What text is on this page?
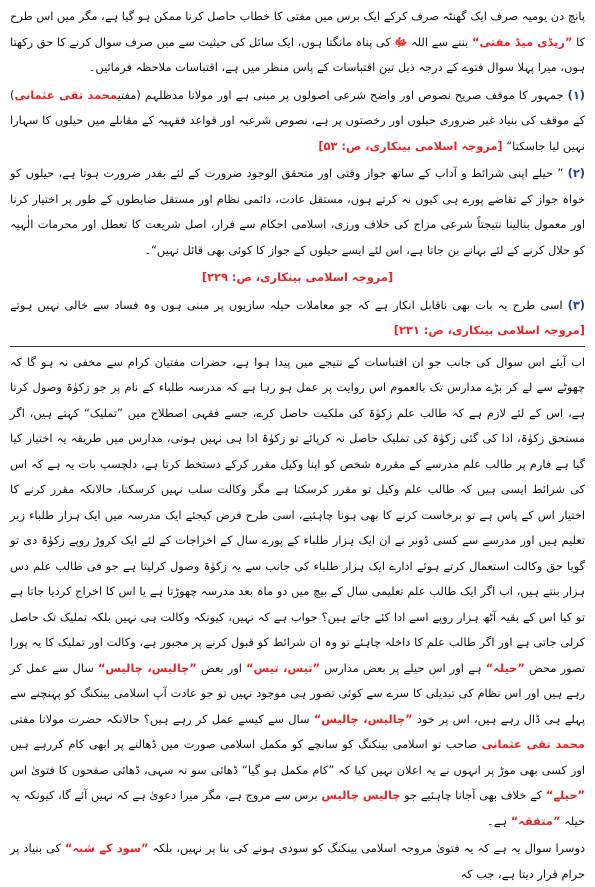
پانچ دن یومیہ صرف ایک گھنٹہ صرف کرکے ایک برس میں مفتی کا خطاب حاصل کرنا ممکن ہو گیا ہے، مگر میں اس طرح کا ”ریڈی میڈ مفتی“ بننے سے اللہ ﷻ کی پناہ مانگتا ہوں، ایک سائل کی حیثیت سے میں صرف سوال کرنے کا حق رکھتا ہوں، میرا پہلا سوال فتوے کے درجہ ذیل تین اقتباسات کے پاس منظر میں ہے، اقتباسات ملاحظہ فرمائیں۔

(۱) جمہور کا موقف صریح نصوص اور واضح شرعی اصولوں پر مبنی ہے اور مولانا مدظلہم (مفتیمحمد تقی عثمانی) کے موقف کی بنیاد غیر ضروری حیلوں اور رخصتوں پر ہے، نصوص شرعیہ اور قواعد فقہیہ کے مقابلے میں حیلوں کا سہارا نہیں لیا جاسکتا“ [مروجہ اسلامی بینکاری، ص: ۵۳]

(۲) ” حیلے اپنی شرائط و آداب کے ساتھ جواز وقتی اور متحقق الوجود ضرورت کے لئے بقدر ضرورت ہوتا ہے، حیلوں کو خواہ جواز کے تقاضے پورے ہی کیوں نہ کرتے ہوں، مستقل عادت، دائمی نظام اور مستقل ضابطوں کے طور پر اختیار کرنا اور معمول بنالینا نتیجتاً شرعی مزاج کی خلاف ورزی، اسلامی احکام سے فرار، اصل شریعت کا تعطل اور محرمات الٰہیہ کو حلال کرنے کے لئے بہانے بن جاتا ہے، اس لئے ایسے حیلوں کے جواز کا کوئی بھی قائل نہیں“۔

[مروجہ اسلامی بینکاری، ص: ۲۲۹]

(۳) اسی طرح یہ بات بھی ناقابل انکار ہے کہ جو معاملات حیلہ سازیوں پر مبنی ہوں وہ فساد سے خالی نہیں ہوتے [مروجہ اسلامی بینکاری، ص: ۲۳۱]

اب آیئے اس سوال کی جانب جو ان اقتباسات کے نتیجے میں پیدا ہوا ہے، حضرات مفتیان کرام سے مخفی نہ ہو گا کہ چھوٹے سے لے کر بڑے مدارس تک بالعموم اس روایت پر عمل ہو رہا ہے کہ مدرسہ طلباء کے نام پر جو زکوٰۃ وصول کرتا ہے، اس کے لئے لازم ہے کہ طالب علم زکوٰۃ کی ملکیت حاصل کرے، جسے فقہی اصطلاح میں ”تملیک“ کہتے ہیں، اگر مستحق زکوٰۃ، ادا کی گئی زکوٰۃ کی تملیک حاصل نہ کرپائے تو زکوٰۃ ادا ہی نہیں ہوتی، مدارس میں طریقہ یہ اختیار کیا گیا ہے فارم پر طالب علم مدرسے کے مقررہ شخص کو اپنا وکیل مقرر کرکے دستخط کرتا ہے، دلچسپ بات یہ ہے کہ اس کی شرائط ایسی ہیں کہ طالب علم وکیل تو مقرر کرسکتا ہے مگر وکالت سلب نہیں کرسکتا، حالانکہ مقرر کرنے کا اختیار اس کے پاس ہے تو برخاست کرنے کا بھی ہونا چاہئیے، اسی طرح فرض کیجئے ایک مدرسہ میں ایک ہزار طلباء زیر تعلیم ہیں اور مدرسے سے کسی ڈونر نے ان ایک ہزار طلباء کے پورے سال کے اخراجات کے لئے ایک کروڑ روپے زکوٰۃ دی تو گویا حق وکالت استعمال کرتے ہوئے ادارے ایک ہزار طلباء کی جانب سے یہ زکوٰۃ وصول کرلیتا ہے جو فی طالب علم دس ہزار بنتے ہیں، اب اگر ایک طالب علم تعلیمی سال کے بیچ میں دو ماہ بعد مدرسہ چھوڑتا ہے یا اس کا اخراج کردیا جاتا ہے تو کیا اس کے بقیہ آٹھ ہزار روپے اسے ادا کئے جاتے ہیں؟ جواب ہے کہ نہیں، کیونکہ وکالت ہی نہیں بلکہ تملیک تک حاصل کرلی جاتی ہے اور اگر طالب علم کا داخلہ چاہئے تو وہ ان شرائط کو قبول کرنے پر مجبور ہے، وکالت اور تملیک کا یہ پورا تصور محض ”حیلہ“ ہے اور اس حیلے پر بعض مدارس ”تیس، تیس“ اور بعض ”چالیس، چالیس“ سال سے عمل کر رہے ہیں اور اس نظام کی تبدیلی کا سرے سے کوئی تصور ہی موجود نہیں تو جو عادت آپ اسلامی بینکنگ کو پہنچنے سے پہلے ہی ڈال رہے ہیں، اس پر خود ”چالیس، چالیس“ سال سے کیسے عمل کر رہے ہیں؟ حالانکہ حضرت مولانا مفتی محمد تقی عثمانی صاحب تو اسلامی بینکنگ کو سانچے کو مکمل اسلامی صورت میں ڈھالنے پر ابھی کام کررہے ہیں اور کسی بھی موڑ پر انہوں نے یہ اعلان نہیں کیا کہ ”کام مکمل ہو گیا“ ڈھائی سو نہ سہی، ڈھائی صفحوں کا فتویٰ اس ”حیلے“ کے خلاف بھی آجانا چاہئیے جو چالیس چالیس برس سے مروج ہے، مگر میرا دعویٰ ہے کہ نہیں آئے گا، کیونکہ یہ حیلہ ”متفقہ“ ہے۔

دوسرا سوال یہ ہے کہ یہ فتویٰ مروجہ اسلامی بینکنگ کو سودی ہونے کی بنا پر نہیں، بلکہ ”سود کے شبہ“ کی بنیاد پر حرام قرار دیتا ہے، جب کہ
